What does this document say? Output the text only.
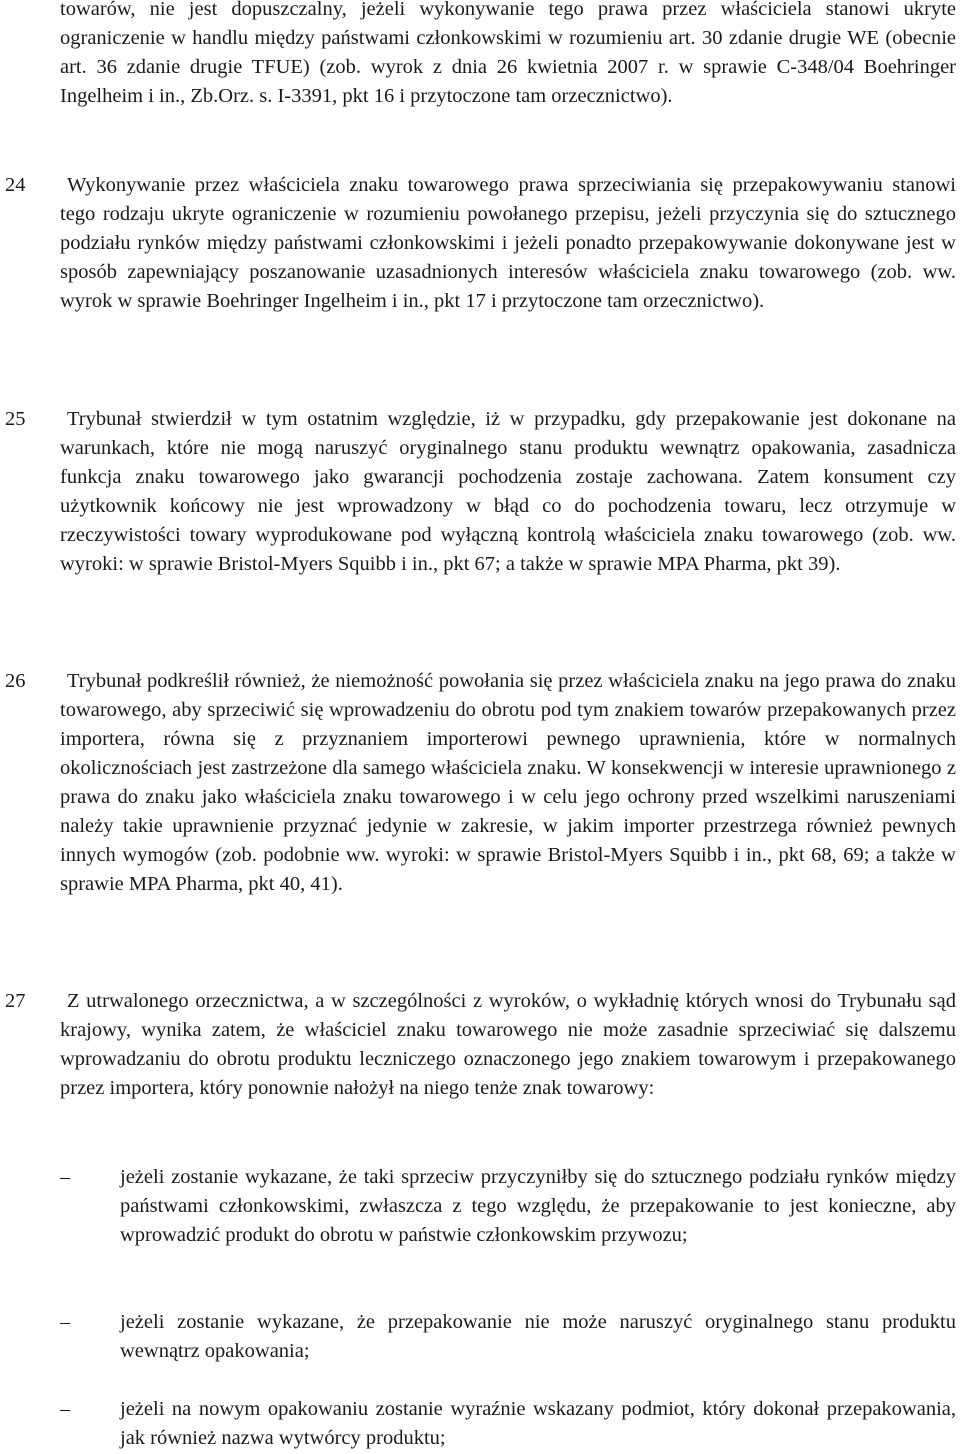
towarów, nie jest dopuszczalny, jeżeli wykonywanie tego prawa przez właściciela stanowi ukryte ograniczenie w handlu między państwami członkowskimi w rozumieniu art. 30 zdanie drugie WE (obecnie art. 36 zdanie drugie TFUE) (zob. wyrok z dnia 26 kwietnia 2007 r. w sprawie C-348/04 Boehringer Ingelheim i in., Zb.Orz. s. I-3391, pkt 16 i przytoczone tam orzecznictwo).

24	Wykonywanie przez właściciela znaku towarowego prawa sprzeciwiania się przepakowywaniu stanowi tego rodzaju ukryte ograniczenie w rozumieniu powołanego przepisu, jeżeli przyczynia się do sztucznego podziału rynków między państwami członkowskimi i jeżeli ponadto przepakowywanie dokonywane jest w sposób zapewniający poszanowanie uzasadnionych interesów właściciela znaku towarowego (zob. ww. wyrok w sprawie Boehringer Ingelheim i in., pkt 17 i przytoczone tam orzecznictwo).
25	Trybunał stwierdził w tym ostatnim względzie, iż w przypadku, gdy przepakowanie jest dokonane na warunkach, które nie mogą naruszyć oryginalnego stanu produktu wewnątrz opakowania, zasadnicza funkcja znaku towarowego jako gwarancji pochodzenia zostaje zachowana. Zatem konsument czy użytkownik końcowy nie jest wprowadzony w błąd co do pochodzenia towaru, lecz otrzymuje w rzeczywistości towary wyprodukowane pod wyłączną kontrolą właściciela znaku towarowego (zob. ww. wyroki: w sprawie Bristol-Myers Squibb i in., pkt 67; a także w sprawie MPA Pharma, pkt 39).
26	Trybunał podkreślił również, że niemożność powołania się przez właściciela znaku na jego prawa do znaku towarowego, aby sprzeciwić się wprowadzeniu do obrotu pod tym znakiem towarów przepakowanych przez importera, równa się z przyznaniem importerowi pewnego uprawnienia, które w normalnych okolicznościach jest zastrzeżone dla samego właściciela znaku. W konsekwencji w interesie uprawnionego z prawa do znaku jako właściciela znaku towarowego i w celu jego ochrony przed wszelkimi naruszeniami należy takie uprawnienie przyznać jedynie w zakresie, w jakim importer przestrzega również pewnych innych wymogów (zob. podobnie ww. wyroki: w sprawie Bristol-Myers Squibb i in., pkt 68, 69; a także w sprawie MPA Pharma, pkt 40, 41).
27	Z utrwalonego orzecznictwa, a w szczególności z wyroków, o wykładnię których wnosi do Trybunału sąd krajowy, wynika zatem, że właściciel znaku towarowego nie może zasadnie sprzeciwiać się dalszemu wprowadzaniu do obrotu produktu leczniczego oznaczonego jego znakiem towarowym i przepakowanego przez importera, który ponownie nałożył na niego tenże znak towarowy:
–	jeżeli zostanie wykazane, że taki sprzeciw przyczyniłby się do sztucznego podziału rynków między państwami członkowskimi, zwłaszcza z tego względu, że przepakowanie to jest konieczne, aby wprowadzić produkt do obrotu w państwie członkowskim przywozu;
–	jeżeli zostanie wykazane, że przepakowanie nie może naruszyć oryginalnego stanu produktu wewnątrz opakowania;
–	jeżeli na nowym opakowaniu zostanie wyraźnie wskazany podmiot, który dokonał przepakowania, jak również nazwa wytwórcy produktu;
